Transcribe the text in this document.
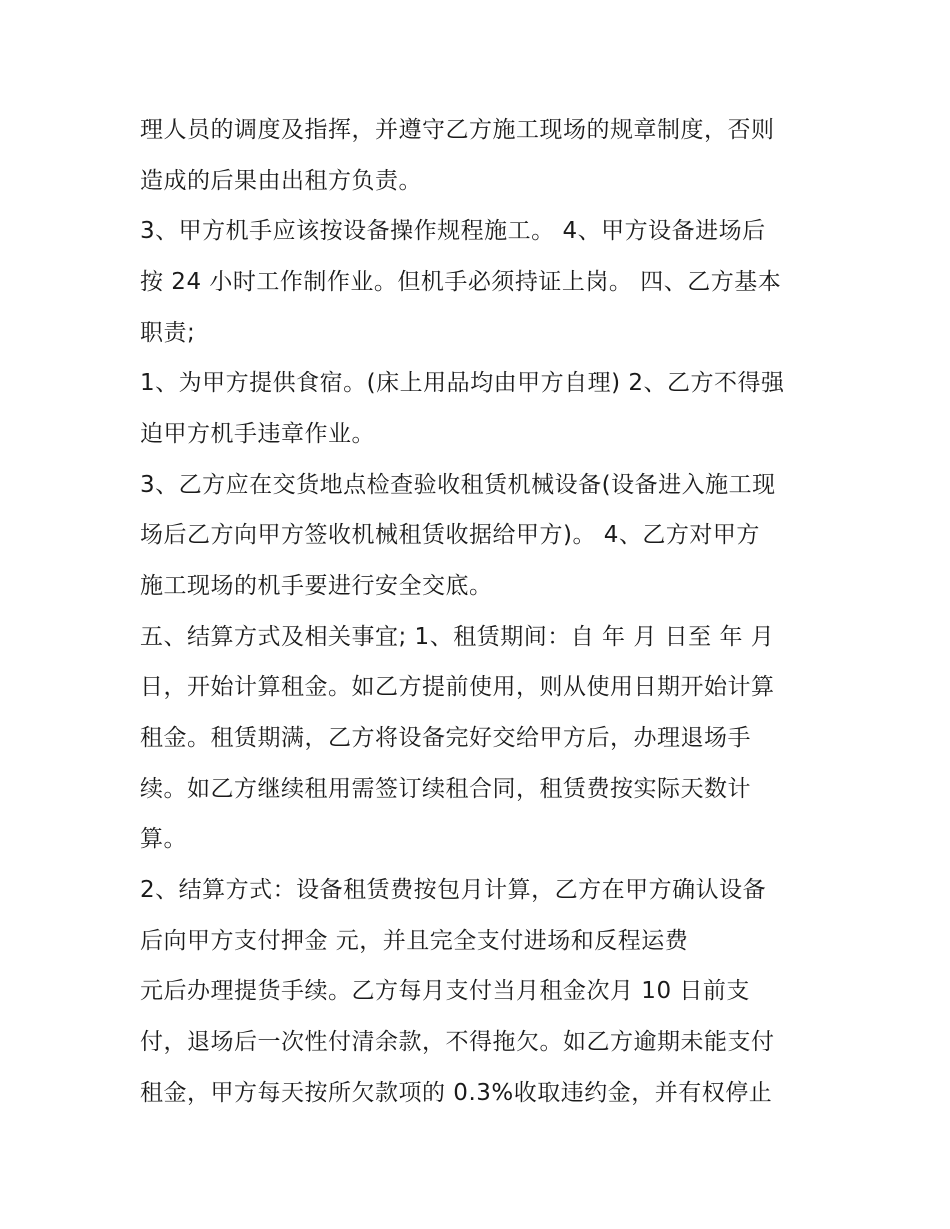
理人员的调度及指挥，并遵守乙方施工现场的规章制度，否则
造成的后果由出租方负责。
3、甲方机手应该按设备操作规程施工。 4、甲方设备进场后
按 24 小时工作制作业。但机手必须持证上岗。 四、乙方基本
职责;
1、为甲方提供食宿。(床上用品均由甲方自理) 2、乙方不得强
迫甲方机手违章作业。
3、乙方应在交货地点检查验收租赁机械设备(设备进入施工现
场后乙方向甲方签收机械租赁收据给甲方)。 4、乙方对甲方
施工现场的机手要进行安全交底。
五、结算方式及相关事宜; 1、租赁期间：自 年 月 日至 年 月
日，开始计算租金。如乙方提前使用，则从使用日期开始计算
租金。租赁期满，乙方将设备完好交给甲方后，办理退场手
续。如乙方继续租用需签订续租合同，租赁费按实际天数计
算。
2、结算方式：设备租赁费按包月计算，乙方在甲方确认设备
后向甲方支付押金 元，并且完全支付进场和反程运费
元后办理提货手续。乙方每月支付当月租金次月 10 日前支
付，退场后一次性付清余款，不得拖欠。如乙方逾期未能支付
租金，甲方每天按所欠款项的 0.3%收取违约金，并有权停止
